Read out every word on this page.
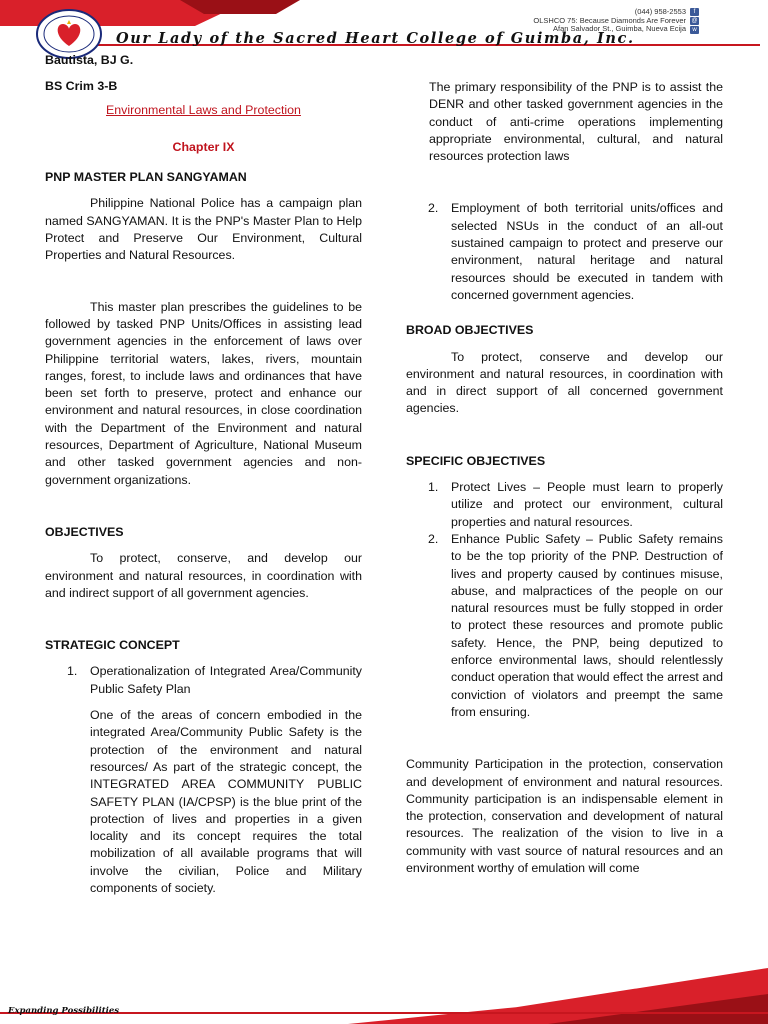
(044) 958-2553
OLSHCO 75: Because Diamonds Are Forever
Afan Salvador St., Guimba, Nueva Ecija
f
@
w
Our Lady of the Sacred Heart College of Guimba, Inc.
Bautista, BJ G.
BS Crim 3-B
Environmental Laws and Protection
Chapter IX
PNP MASTER PLAN SANGYAMAN

Philippine National Police has a campaign plan named SANGYAMAN. It is the PNP's Master Plan to Help Protect and Preserve Our Environment, Cultural Properties and Natural Resources.

This master plan prescribes the guidelines to be followed by tasked PNP Units/Offices in assisting lead government agencies in the enforcement of laws over Philippine territorial waters, lakes, rivers, mountain ranges, forest, to include laws and ordinances that have been set forth to preserve, protect and enhance our environment and natural resources, in close coordination with the Department of the Environment and natural resources, Department of Agriculture, National Museum and other tasked government agencies and non-government organizations.

OBJECTIVES

To protect, conserve, and develop our environment and natural resources, in coordination with and indirect support of all government agencies.

STRATEGIC CONCEPT
1.	Operationalization of Integrated Area/Community Public Safety Plan

One of the areas of concern embodied in the integrated Area/Community Public Safety is the protection of the environment and natural resources/ As part of the strategic concept, the INTEGRATED AREA COMMUNITY PUBLIC SAFETY PLAN (IA/CPSP) is the blue print of the protection of lives and properties in a given locality and its concept requires the total mobilization of all available programs that will involve the civilian, Police and Military components of society.

The primary responsibility of the PNP is to assist the DENR and other tasked government agencies in the conduct of anti-crime operations implementing appropriate environmental, cultural, and natural resources protection laws

2.	Employment of both territorial units/offices and selected NSUs in the conduct of an all-out sustained campaign to protect and preserve our environment, natural heritage and natural resources should be executed in tandem with concerned government agencies.
BROAD OBJECTIVES

To protect, conserve and develop our environment and natural resources, in coordination with and in direct support of all concerned government agencies.

SPECIFIC OBJECTIVES
1.	Protect Lives – People must learn to properly utilize and protect our environment, cultural properties and natural resources.
2.	Enhance Public Safety – Public Safety remains to be the top priority of the PNP. Destruction of lives and property caused by continues misuse, abuse, and malpractices of the people on our natural resources must be fully stopped in order to protect these resources and promote public safety. Hence, the PNP, being deputized to enforce environmental laws, should relentlessly conduct operation that would effect the arrest and conviction of violators and preempt the same from ensuring.

Community Participation in the protection, conservation and development of environment and natural resources. Community participation is an indispensable element in the protection, conservation and development of natural resources. The realization of the vision to live in a community with vast source of natural resources and an environment worthy of emulation will come

Expanding Possibilities
